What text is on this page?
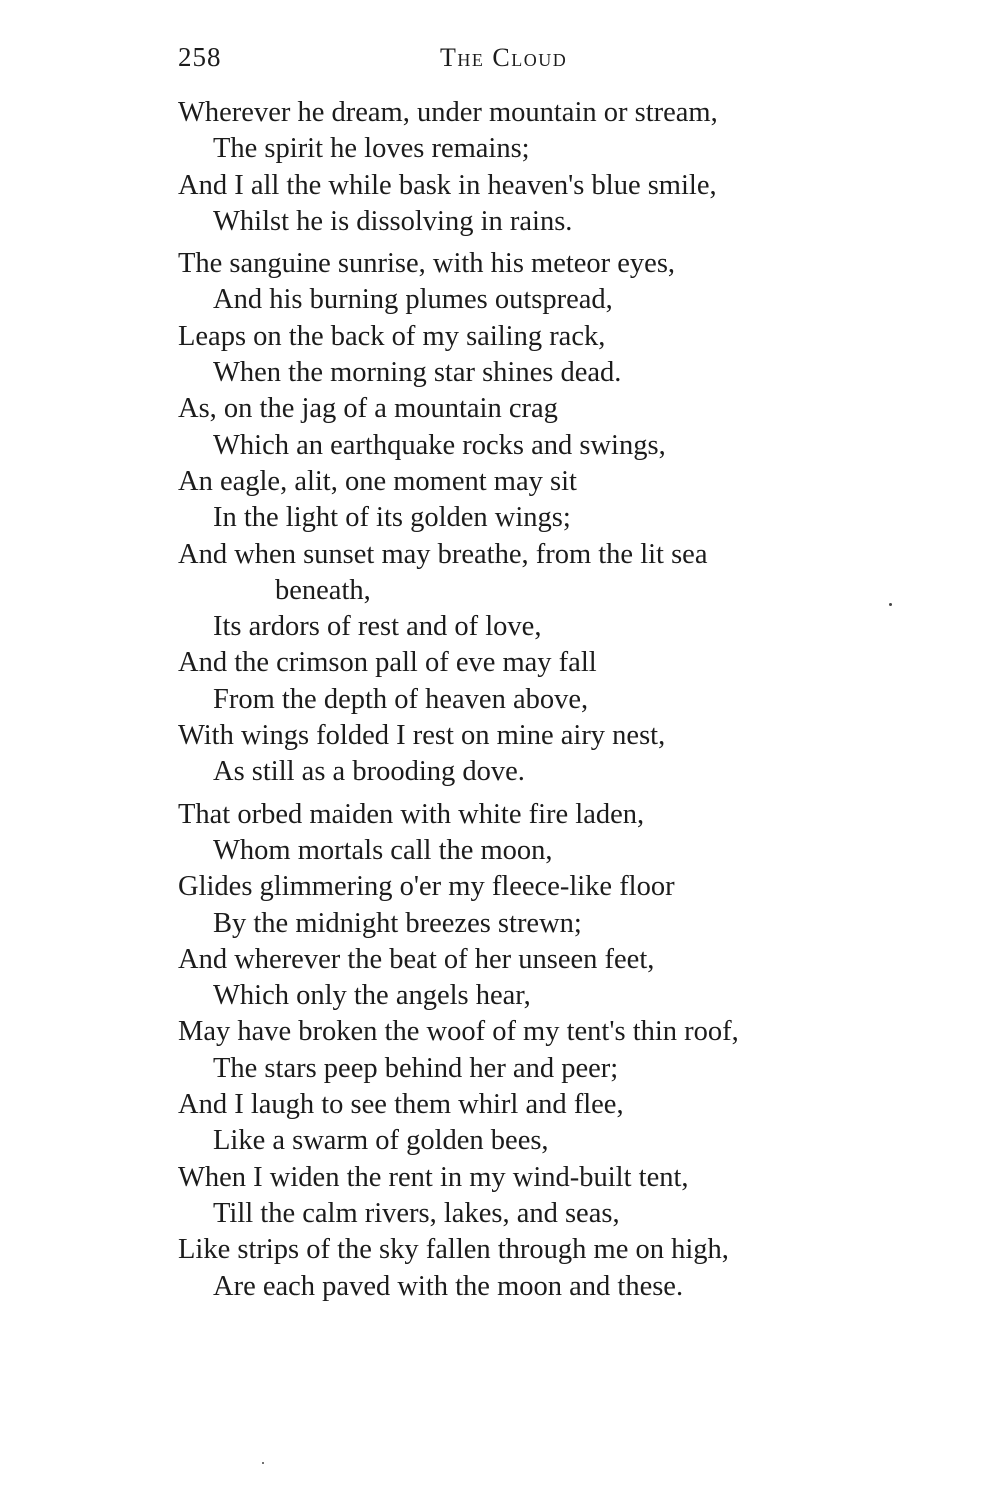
258	The Cloud
Wherever he dream, under mountain or stream,
The spirit he loves remains;
And I all the while bask in heaven's blue smile,
Whilst he is dissolving in rains.
The sanguine sunrise, with his meteor eyes,
And his burning plumes outspread,
Leaps on the back of my sailing rack,
When the morning star shines dead.
As, on the jag of a mountain crag
Which an earthquake rocks and swings,
An eagle, alit, one moment may sit
In the light of its golden wings;
And when sunset may breathe, from the lit sea
beneath,
Its ardors of rest and of love,
And the crimson pall of eve may fall
From the depth of heaven above,
With wings folded I rest on mine airy nest,
As still as a brooding dove.
That orbed maiden with white fire laden,
Whom mortals call the moon,
Glides glimmering o'er my fleece-like floor
By the midnight breezes strewn;
And wherever the beat of her unseen feet,
Which only the angels hear,
May have broken the woof of my tent's thin roof,
The stars peep behind her and peer;
And I laugh to see them whirl and flee,
Like a swarm of golden bees,
When I widen the rent in my wind-built tent,
Till the calm rivers, lakes, and seas,
Like strips of the sky fallen through me on high,
Are each paved with the moon and these.
